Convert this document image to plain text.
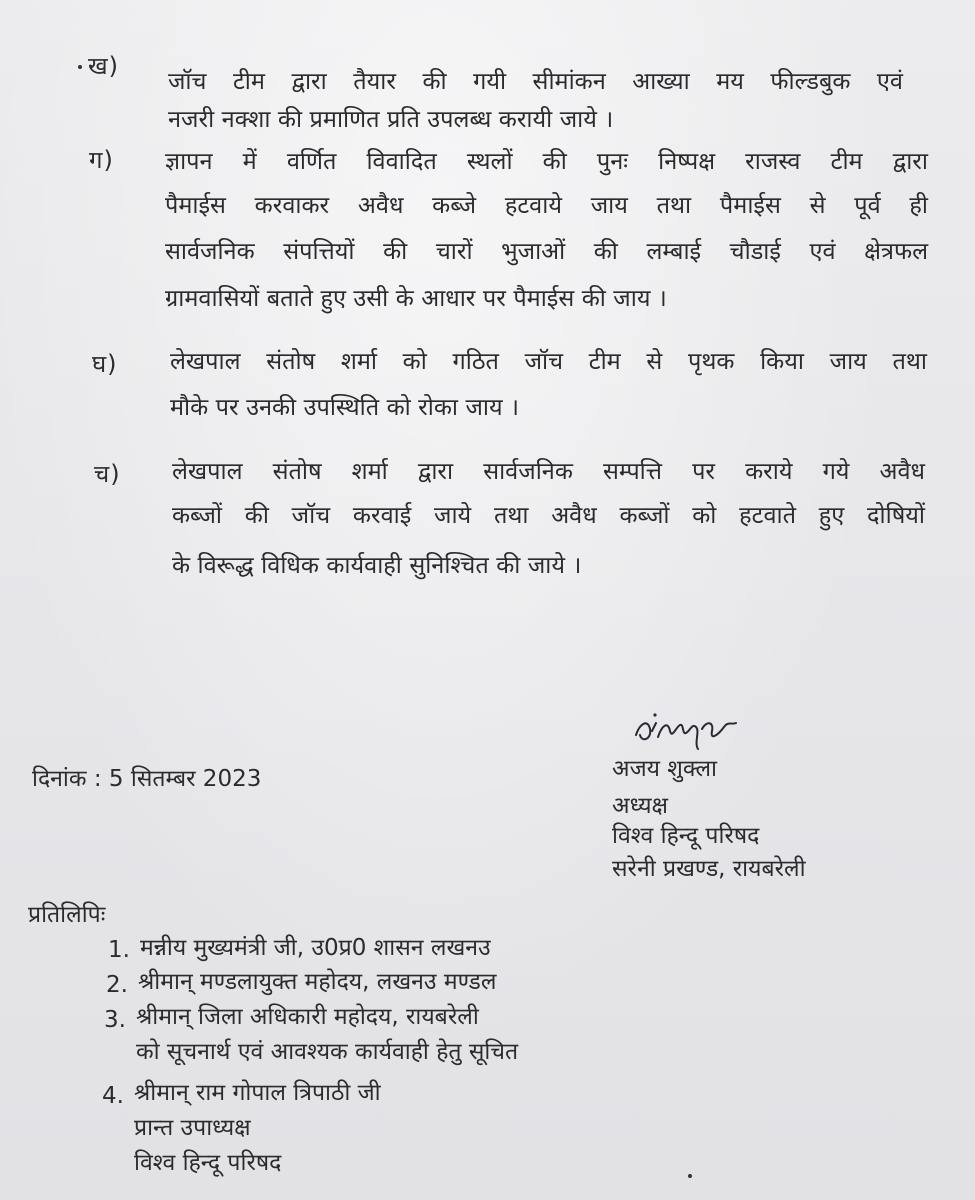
ख)
जॉच टीम द्वारा तैयार की गयी सीमांकन आख्या मय फील्डबुक एवं
नजरी नक्शा की प्रमाणित प्रति उपलब्ध करायी जाये ।
ग) ज्ञापन में वर्णित विवादित स्थलों की पुनः निष्पक्ष राजस्व टीम द्वारा
पैमाईस करवाकर अवैध कब्जे हटवाये जाय तथा पैमाईस से पूर्व ही
सार्वजनिक संपत्तियों की चारों भुजाओं की लम्बाई चौडाई एवं क्षेत्रफल
ग्रामवासियों बताते हुए उसी के आधार पर पैमाईस की जाय ।
घ) लेखपाल संतोष शर्मा को गठित जॉच टीम से पृथक किया जाय तथा
मौके पर उनकी उपस्थिति को रोका जाय ।
च) लेखपाल संतोष शर्मा द्वारा सार्वजनिक सम्पत्ति पर कराये गये अवैध
कब्जों की जॉच करवाई जाये तथा अवैध कब्जों को हटवाते हुए दोषियों
के विरूद्ध विधिक कार्यवाही सुनिश्चित की जाये ।
अजय शुक्ला
अध्यक्ष
विश्व हिन्दू परिषद
सरेनी प्रखण्ड, रायबरेली
दिनांक : 5 सितम्बर 2023
प्रतिलिपिः
1. मन्नीय मुख्यमंत्री जी, उ0प्र0 शासन लखनउ
2. श्रीमान् मण्डलायुक्त महोदय, लखनउ मण्डल
3. श्रीमान् जिला अधिकारी महोदय, रायबरेली
को सूचनार्थ एवं आवश्यक कार्यवाही हेतु सूचित
4. श्रीमान् राम गोपाल त्रिपाठी जी
प्रान्त उपाध्यक्ष
विश्व हिन्दू परिषद
